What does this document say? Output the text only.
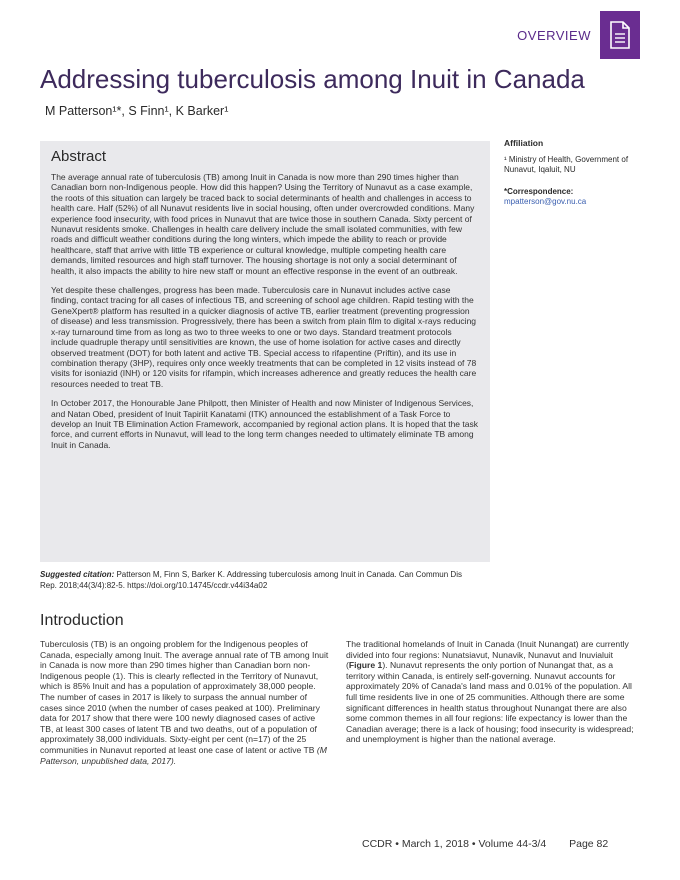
OVERVIEW
Addressing tuberculosis among Inuit in Canada
M Patterson¹*, S Finn¹, K Barker¹
Affiliation
¹ Ministry of Health, Government of Nunavut, Iqaluit, NU
*Correspondence: mpatterson@gov.nu.ca
Abstract

The average annual rate of tuberculosis (TB) among Inuit in Canada is now more than 290 times higher than Canadian born non-Indigenous people. How did this happen? Using the Territory of Nunavut as a case example, the roots of this situation can largely be traced back to social determinants of health and challenges in access to health care. Half (52%) of all Nunavut residents live in social housing, often under overcrowded conditions. Many experience food insecurity, with food prices in Nunavut that are twice those in southern Canada. Sixty percent of Nunavut residents smoke. Challenges in health care delivery include the small isolated communities, with few roads and difficult weather conditions during the long winters, which impede the ability to reach or provide healthcare, staff that arrive with little TB experience or cultural knowledge, multiple competing health care demands, limited resources and high staff turnover. The housing shortage is not only a social determinant of health, it also impacts the ability to hire new staff or mount an effective response in the event of an outbreak.

Yet despite these challenges, progress has been made. Tuberculosis care in Nunavut includes active case finding, contact tracing for all cases of infectious TB, and screening of school age children. Rapid testing with the GeneXpert® platform has resulted in a quicker diagnosis of active TB, earlier treatment (preventing progression of disease) and less transmission. Progressively, there has been a switch from plain film to digital x-rays reducing x-ray turnaround time from as long as two to three weeks to one or two days. Standard treatment protocols include quadruple therapy until sensitivities are known, the use of home isolation for active cases and directly observed treatment (DOT) for both latent and active TB. Special access to rifapentine (Priftin), and its use in combination therapy (3HP), requires only once weekly treatments that can be completed in 12 visits instead of 78 visits for isoniazid (INH) or 120 visits for rifampin, which increases adherence and greatly reduces the health care resources needed to treat TB.

In October 2017, the Honourable Jane Philpott, then Minister of Health and now Minister of Indigenous Services, and Natan Obed, president of Inuit Tapiriit Kanatami (ITK) announced the establishment of a Task Force to develop an Inuit TB Elimination Action Framework, accompanied by regional action plans. It is hoped that the task force, and current efforts in Nunavut, will lead to the long term changes needed to ultimately eliminate TB among Inuit in Canada.

Suggested citation: Patterson M, Finn S, Barker K. Addressing tuberculosis among Inuit in Canada. Can Commun Dis Rep. 2018;44(3/4):82-5. https://doi.org/10.14745/ccdr.v44i34a02
Introduction
Tuberculosis (TB) is an ongoing problem for the Indigenous peoples of Canada, especially among Inuit. The average annual rate of TB among Inuit in Canada is now more than 290 times higher than Canadian born non-Indigenous people (1). This is clearly reflected in the Territory of Nunavut, which is 85% Inuit and has a population of approximately 38,000 people. The number of cases in 2017 is likely to surpass the annual number of cases since 2010 (when the number of cases peaked at 100). Preliminary data for 2017 show that there were 100 newly diagnosed cases of active TB, at least 300 cases of latent TB and two deaths, out of a population of approximately 38,000 individuals. Sixty-eight per cent (n=17) of the 25 communities in Nunavut reported at least one case of latent or active TB (M Patterson, unpublished data, 2017).
The traditional homelands of Inuit in Canada (Inuit Nunangat) are currently divided into four regions: Nunatsiavut, Nunavik, Nunavut and Inuvialuit (Figure 1). Nunavut represents the only portion of Nunangat that, as a territory within Canada, is entirely self-governing. Nunavut accounts for approximately 20% of Canada's land mass and 0.01% of the population. All full time residents live in one of 25 communities. Although there are some significant differences in health status throughout Nunangat there are also some common themes in all four regions: life expectancy is lower than the Canadian average; there is a lack of housing; food insecurity is widespread; and unemployment is higher than the national average.
CCDR • March 1, 2018 • Volume 44-3/4 Page 82
